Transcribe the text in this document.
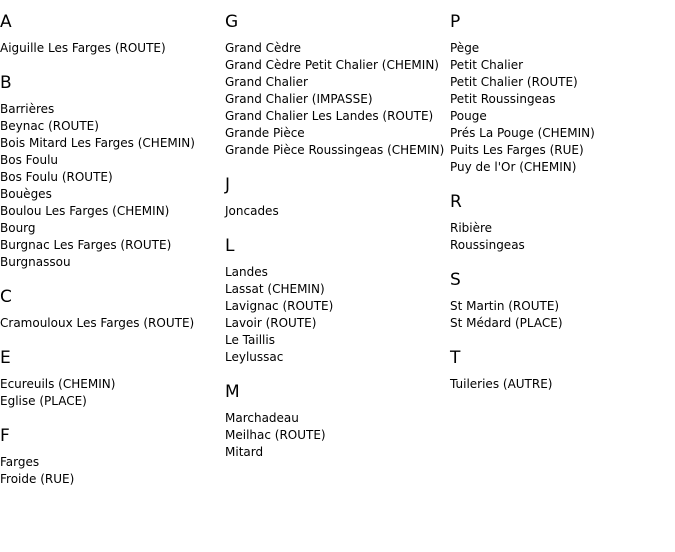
A
Aiguille Les Farges (ROUTE)
B
Barrières
Beynac (ROUTE)
Bois Mitard Les Farges (CHEMIN)
Bos Foulu
Bos Foulu (ROUTE)
Bouèges
Boulou Les Farges (CHEMIN)
Bourg
Burgnac Les Farges (ROUTE)
Burgnassou
C
Cramouloux Les Farges (ROUTE)
E
Ecureuils (CHEMIN)
Eglise (PLACE)
F
Farges
Froide (RUE)
G
Grand Cèdre
Grand Cèdre Petit Chalier (CHEMIN)
Grand Chalier
Grand Chalier (IMPASSE)
Grand Chalier Les Landes (ROUTE)
Grande Pièce
Grande Pièce Roussingeas (CHEMIN)
J
Joncades
L
Landes
Lassat (CHEMIN)
Lavignac (ROUTE)
Lavoir (ROUTE)
Le Taillis
Leylussac
M
Marchadeau
Meilhac (ROUTE)
Mitard
P
Pège
Petit Chalier
Petit Chalier (ROUTE)
Petit Roussingeas
Pouge
Prés La Pouge (CHEMIN)
Puits Les Farges (RUE)
Puy de l'Or (CHEMIN)
R
Ribière
Roussingeas
S
St Martin (ROUTE)
St Médard (PLACE)
T
Tuileries (AUTRE)
